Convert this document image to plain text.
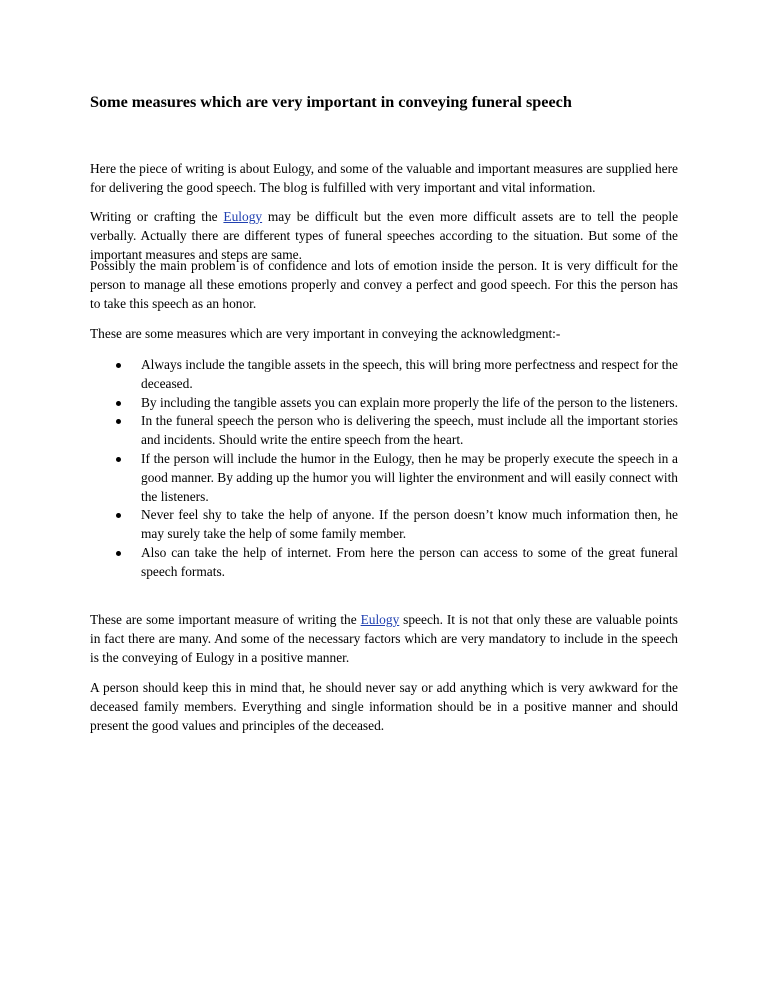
Some measures which are very important in conveying funeral speech

Here the piece of writing is about Eulogy, and some of the valuable and important measures are supplied here for delivering the good speech. The blog is fulfilled with very important and vital information.

Writing or crafting the Eulogy may be difficult but the even more difficult assets are to tell the people verbally. Actually there are different types of funeral speeches according to the situation. But some of the important measures and steps are same.

Possibly the main problem is of confidence and lots of emotion inside the person. It is very difficult for the person to manage all these emotions properly and convey a perfect and good speech. For this the person has to take this speech as an honor.

These are some measures which are very important in conveying the acknowledgment:-

Always include the tangible assets in the speech, this will bring more perfectness and respect for the deceased.
By including the tangible assets you can explain more properly the life of the person to the listeners.
In the funeral speech the person who is delivering the speech, must include all the important stories and incidents. Should write the entire speech from the heart.
If the person will include the humor in the Eulogy, then he may be properly execute the speech in a good manner. By adding up the humor you will lighter the environment and will easily connect with the listeners.
Never feel shy to take the help of anyone. If the person doesn’t know much information then, he may surely take the help of some family member.
Also can take the help of internet. From here the person can access to some of the great funeral speech formats.

These are some important measure of writing the Eulogy speech. It is not that only these are valuable points in fact there are many. And some of the necessary factors which are very mandatory to include in the speech is the conveying of Eulogy in a positive manner.

A person should keep this in mind that, he should never say or add anything which is very awkward for the deceased family members. Everything and single information should be in a positive manner and should present the good values and principles of the deceased.
